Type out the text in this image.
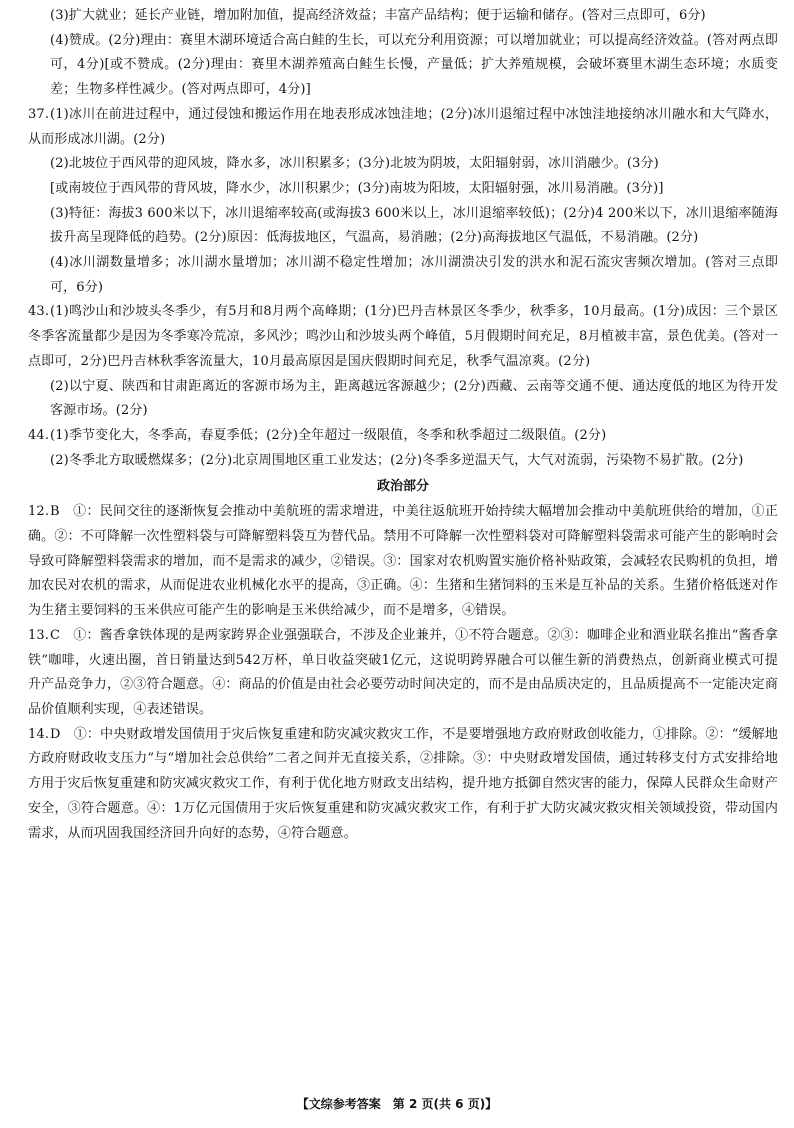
(3)扩大就业；延长产业链，增加附加值，提高经济效益；丰富产品结构；便于运输和储存。(答对三点即可，6分)

(4)赞成。(2分)理由：赛里木湖环境适合高白鲑的生长，可以充分利用资源；可以增加就业；可以提高经济效益。(答对两点即可，4分)[或不赞成。(2分)理由：赛里木湖养殖高白鲑生长慢，产量低；扩大养殖规模，会破坏赛里木湖生态环境；水质变差；生物多样性减少。(答对两点即可，4分)]

37.(1)冰川在前进过程中，通过侵蚀和搬运作用在地表形成冰蚀洼地；(2分)冰川退缩过程中冰蚀洼地接纳冰川融水和大气降水，从而形成冰川湖。(2分)

(2)北坡位于西风带的迎风坡，降水多，冰川积累多；(3分)北坡为阴坡，太阳辐射弱，冰川消融少。(3分)

[或南坡位于西风带的背风坡，降水少，冰川积累少；(3分)南坡为阳坡，太阳辐射强，冰川易消融。(3分)]

(3)特征：海拔3 600米以下，冰川退缩率较高(或海拔3 600米以上，冰川退缩率较低)；(2分)4 200米以下，冰川退缩率随海拔升高呈现降低的趋势。(2分)原因：低海拔地区，气温高，易消融；(2分)高海拔地区气温低，不易消融。(2分)

(4)冰川湖数量增多；冰川湖水量增加；冰川湖不稳定性增加；冰川湖溃决引发的洪水和泥石流灾害频次增加。(答对三点即可，6分)

43.(1)鸣沙山和沙坡头冬季少，有5月和8月两个高峰期；(1分)巴丹吉林景区冬季少，秋季多，10月最高。(1分)成因：三个景区冬季客流量都少是因为冬季寒冷荒凉，多风沙；鸣沙山和沙坡头两个峰值，5月假期时间充足，8月植被丰富，景色优美。(答对一点即可，2分)巴丹吉林秋季客流量大，10月最高原因是国庆假期时间充足，秋季气温凉爽。(2分)

(2)以宁夏、陕西和甘肃距离近的客源市场为主，距离越远客源越少；(2分)西藏、云南等交通不便、通达度低的地区为待开发客源市场。(2分)

44.(1)季节变化大，冬季高，春夏季低；(2分)全年超过一级限值，冬季和秋季超过二级限值。(2分)

(2)冬季北方取暖燃煤多；(2分)北京周围地区重工业发达；(2分)冬季多逆温天气，大气对流弱，污染物不易扩散。(2分)

政治部分

12.B　①：民间交往的逐渐恢复会推动中美航班的需求增进，中美往返航班开始持续大幅增加会推动中美航班供给的增加，①正确。②：不可降解一次性塑料袋与可降解塑料袋互为替代品。禁用不可降解一次性塑料袋对可降解塑料袋需求可能产生的影响时会导致可降解塑料袋需求的增加，而不是需求的减少，②错误。③：国家对农机购置实施价格补贴政策，会减轻农民购机的负担，增加农民对农机的需求，从而促进农业机械化水平的提高，③正确。④：生猪和生猪饲料的玉米是互补品的关系。生猪价格低迷对作为生猪主要饲料的玉米供应可能产生的影响是玉米供给减少，而不是增多，④错误。

13.C　①：酱香拿铁体现的是两家跨界企业强强联合，不涉及企业兼并，①不符合题意。②③：咖啡企业和酒业联名推出“酱香拿铁”咖啡，火速出圈，首日销量达到542万杯，单日收益突破1亿元，这说明跨界融合可以催生新的消费热点，创新商业模式可提升产品竞争力，②③符合题意。④：商品的价值是由社会必要劳动时间决定的，而不是由品质决定的，且品质提高不一定能决定商品价值顺利实现，④表述错误。

14.D　①：中央财政增发国债用于灾后恢复重建和防灾减灾救灾工作，不是要增强地方政府财政创收能力，①排除。②：“缓解地方政府财政收支压力”与“增加社会总供给”二者之间并无直接关系，②排除。③：中央财政增发国债，通过转移支付方式安排给地方用于灾后恢复重建和防灾减灾救灾工作，有利于优化地方财政支出结构，提升地方抵御自然灾害的能力，保障人民群众生命财产安全，③符合题意。④：1万亿元国债用于灾后恢复重建和防灾减灾救灾工作，有利于扩大防灾减灾救灾相关领域投资，带动国内需求，从而巩固我国经济回升向好的态势，④符合题意。

【文综参考答案　第 2 页(共 6 页)】
